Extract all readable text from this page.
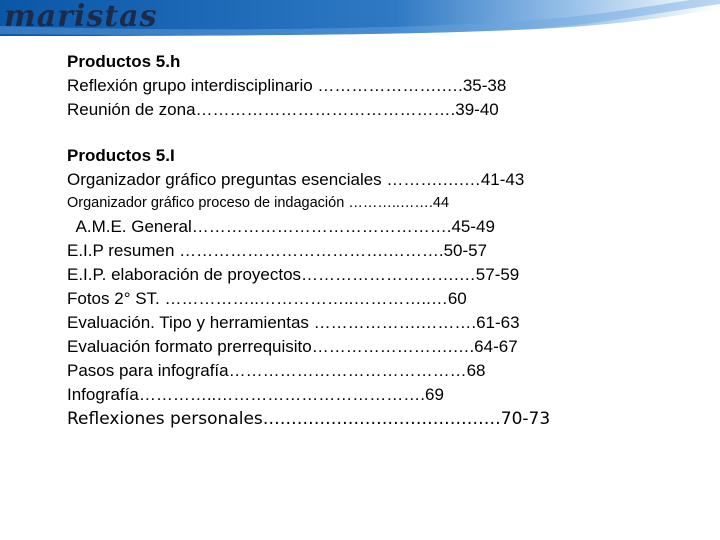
maristas
Productos 5.h
Reflexión grupo interdisciplinario ………………….….35-38
Reunión de zona……………………………………….39-40
Productos 5.I
Organizador gráfico preguntas esenciales ……….….…41-43
Organizador gráfico proceso de indagación ………..…….44
A.M.E. General……………………………………….45-49
E.I.P resumen ……………………………….……….50-57
E.I.P. elaboración de proyectos……………………….…57-59
Fotos 2° ST. ……………..……………..…………..…60
Evaluación. Tipo y herramientas ……………….……….61-63
Evaluación formato prerrequisito…………………….….64-67
Pasos para infografía……………………………………68
Infografía…………..……………………………….69
Reflexiones personales……………………………………70-73
